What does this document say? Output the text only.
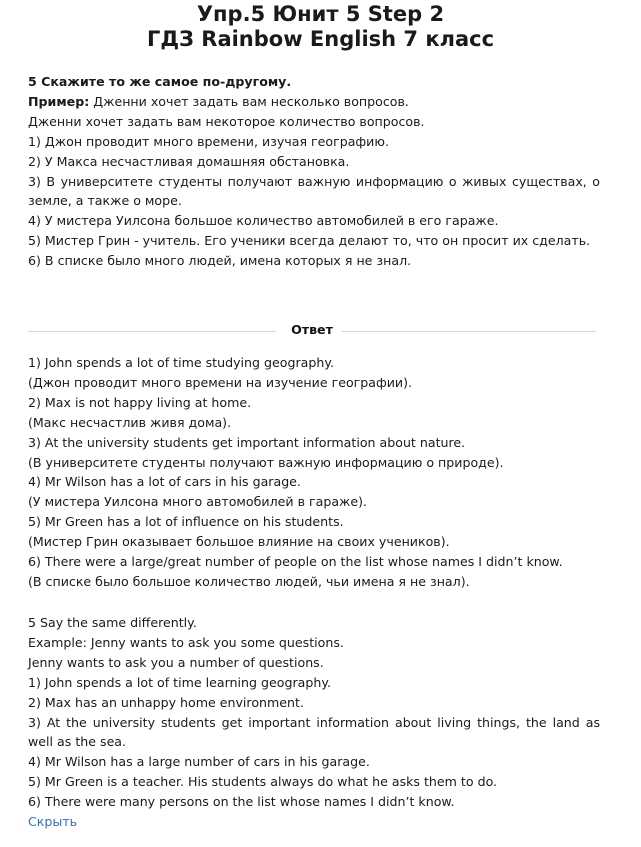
Упр.5 Юнит 5 Step 2
ГДЗ Rainbow English 7 класс
5 Скажите то же самое по-другому.
Пример: Дженни хочет задать вам несколько вопросов.
Дженни хочет задать вам некоторое количество вопросов.
1) Джон проводит много времени, изучая географию.
2) У Макса несчастливая домашняя обстановка.
3) В университете студенты получают важную информацию о живых существах, о земле, а также о море.
4) У мистера Уилсона большое количество автомобилей в его гараже.
5) Мистер Грин - учитель. Его ученики всегда делают то, что он просит их сделать.
6) В списке было много людей, имена которых я не знал.
Ответ
1) John spends a lot of time studying geography.
(Джон проводит много времени на изучение географии).
2) Max is not happy living at home.
(Макс несчастлив живя дома).
3) At the university students get important information about nature.
(В университете студенты получают важную информацию о природе).
4) Mr Wilson has a lot of cars in his garage.
(У мистера Уилсона много автомобилей в гараже).
5) Mr Green has a lot of influence on his students.
(Мистер Грин оказывает большое влияние на своих учеников).
6) There were a large/great number of people on the list whose names I didn’t know.
(В списке было большое количество людей, чьи имена я не знал).
5 Say the same differently.
Example: Jenny wants to ask you some questions.
Jenny wants to ask you a number of questions.
1) John spends a lot of time learning geography.
2) Max has an unhappy home environment.
3) At the university students get important information about living things, the land as well as the sea.
4) Mr Wilson has a large number of cars in his garage.
5) Mr Green is a teacher. His students always do what he asks them to do.
6) There were many persons on the list whose names I didn’t know.
Скрыть
